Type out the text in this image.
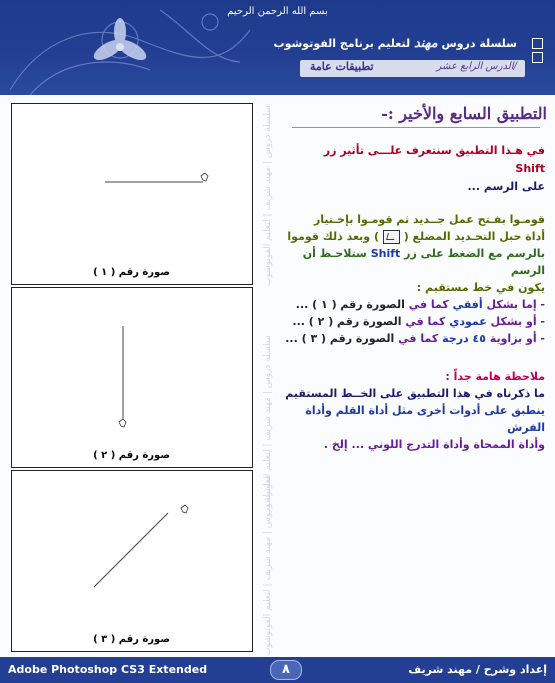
بسم الله الرحمن الرحيم
سلسلة دروس مهند لتعليم برنامج الفوتوشوب
الدرس الرابع عشر/
تطبيقات عامة
سلسلة دروس | مهند شريف | لتعليم الفوتوشوب
سلسلة دروس | مهند شريف | لتعليم الفوتوشوب
سلسلة دروس | مهند شريف | لتعليم الفوتوشوب
صورة رقم ( ١ )
صورة رقم ( ٢ )
صورة رقم ( ٣ )
التطبيق السابع والأخير :-
في هـذا التطبيق سنتعرف علـــى تأثير زر Shift
على الرسم ...
قومـوا بفـتح عمل جــديد ثم قومـوا بإخـتيار
أداة حبل التحـديد المضلع (  ) وبعد ذلك قوموا
بالرسم مع الضغط على زر Shift ستلاحـظ أن الرسم
يكون في خط مستقيم :
- إما بشكل أفقي كما في الصورة رقم ( ١ ) ...
- أو بشكل عمودي كما في الصورة رقم ( ٢ ) ...
- أو بزاوية ٤٥ درجة كما في الصورة رقم ( ٣ ) ...
ملاحظة هامة جداً :
ما ذكرناه في هذا التطبيق على الخــط المستقيم
ينطبق على أدوات أخرى مثل أداة القلم وأداة الفرش
وأداة الممحاة وأداة التدرج اللوني ... إلخ .
Adobe Photoshop CS3 Extended	٨	إعداد وشرح / مهند شريف
